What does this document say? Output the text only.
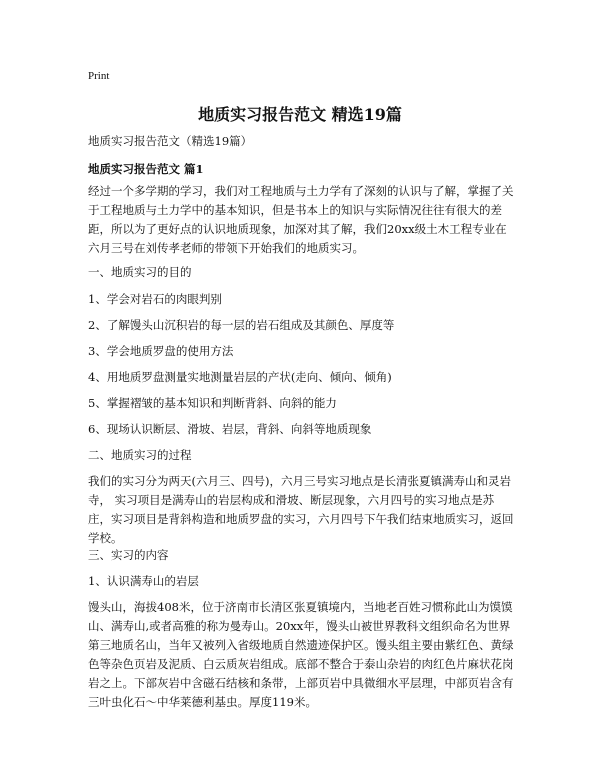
Print
地质实习报告范文 精选19篇
地质实习报告范文（精选19篇）
地质实习报告范文 篇1
经过一个多学期的学习，我们对工程地质与土力学有了深刻的认识与了解，掌握了关于工程地质与土力学中的基本知识，但是书本上的知识与实际情况往往有很大的差距，所以为了更好点的认识地质现象，加深对其了解，我们20xx级土木工程专业在六月三号在刘传孝老师的带领下开始我们的地质实习。
一、地质实习的目的
1、学会对岩石的肉眼判别
2、了解馒头山沉积岩的每一层的岩石组成及其颜色、厚度等
3、学会地质罗盘的使用方法
4、用地质罗盘测量实地测量岩层的产状(走向、倾向、倾角)
5、掌握褶皱的基本知识和判断背斜、向斜的能力
6、现场认识断层、滑坡、岩层，背斜、向斜等地质现象
二、地质实习的过程
我们的实习分为两天(六月三、四号)，六月三号实习地点是长清张夏镇满寿山和灵岩寺， 实习项目是满寿山的岩层构成和滑坡、断层现象，六月四号的实习地点是苏庄，实习项目是背斜构造和地质罗盘的实习，六月四号下午我们结束地质实习，返回学校。
三、实习的内容
1、认识满寿山的岩层
馒头山，海拔408米，位于济南市长清区张夏镇境内，当地老百姓习惯称此山为馍馍山、满寿山,或者高雅的称为曼寿山。20xx年，馒头山被世界教科文组织命名为世界第三地质名山，当年又被列入省级地质自然遗迹保护区。馒头组主要由紫红色、黄绿色等杂色页岩及泥质、白云质灰岩组成。底部不整合于泰山杂岩的肉红色片麻状花岗岩之上。下部灰岩中含磁石结核和条带，上部页岩中具微细水平层理，中部页岩含有三叶虫化石～中华莱德利基虫。厚度119米。
